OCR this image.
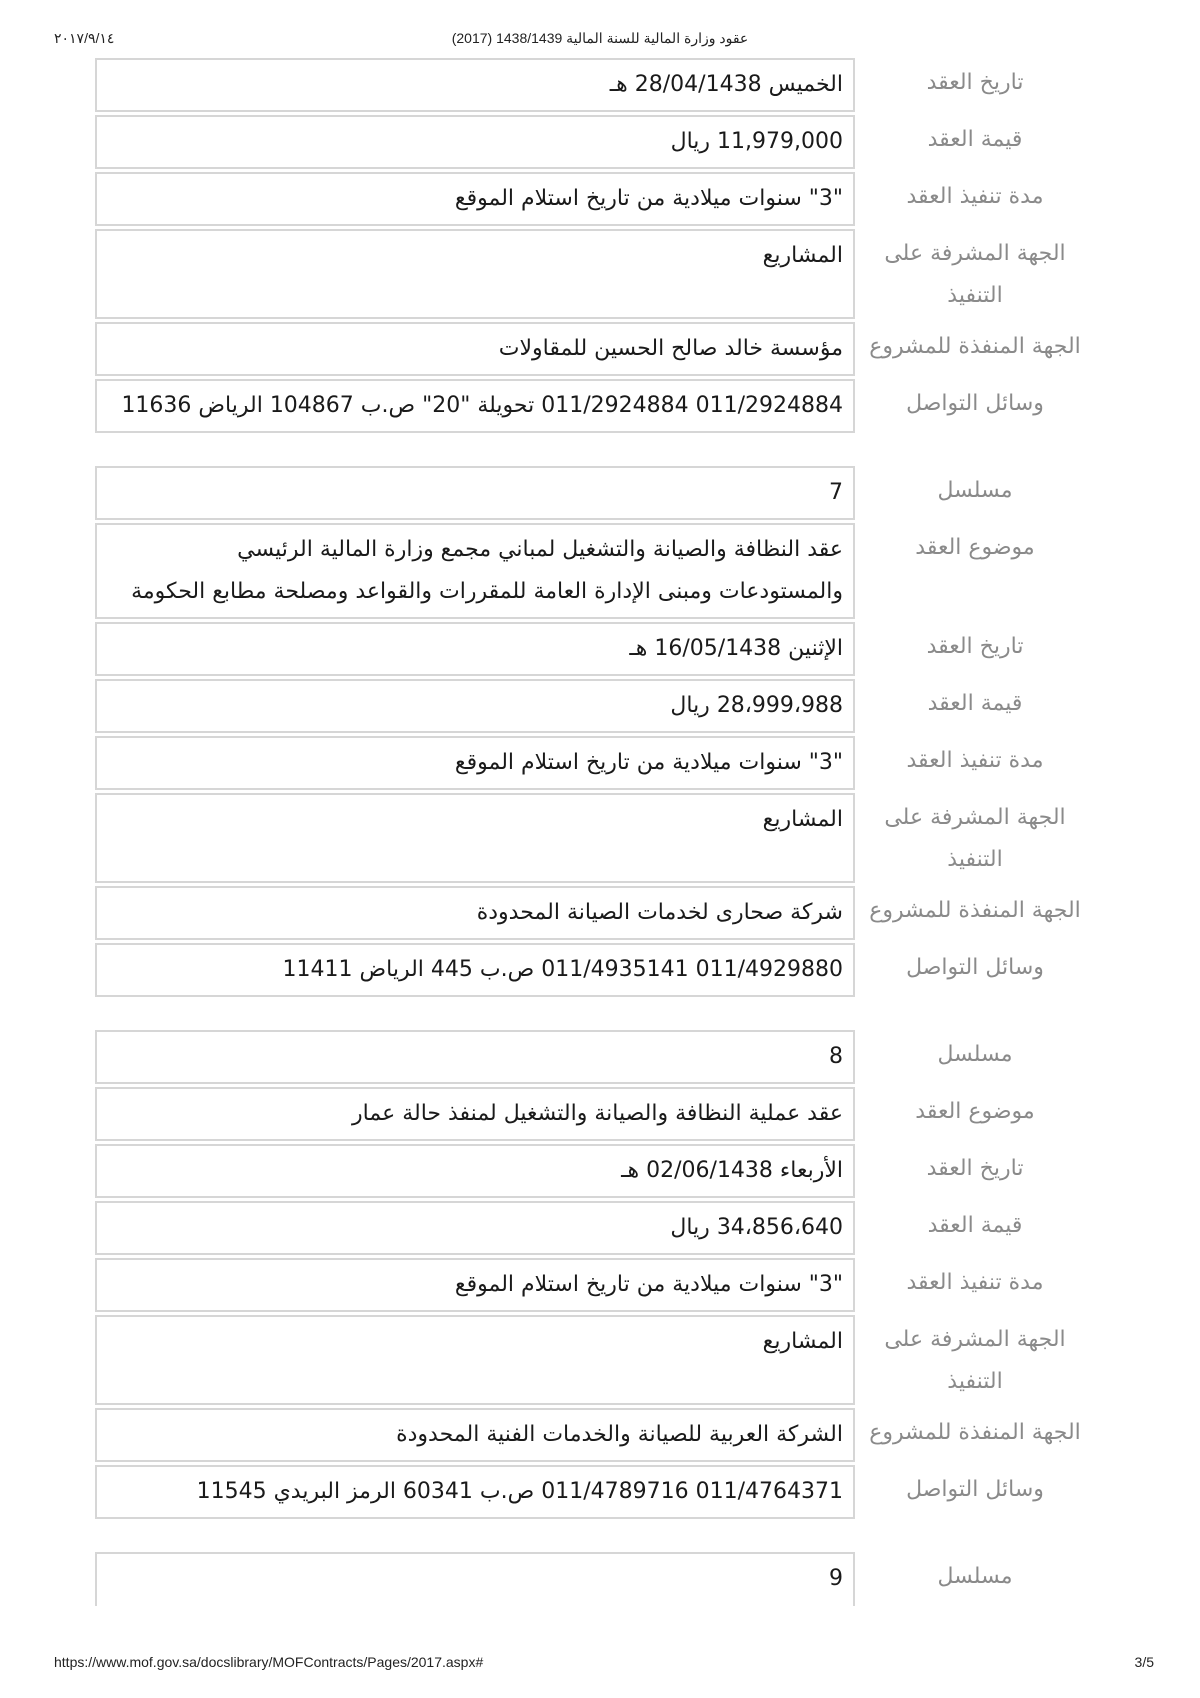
٢٠١٧/٩/١٤	(عقود وزارة المالية للسنة المالية 1438/1439 (2017
تاريخ العقد
الخميس 28/04/1438 هـ
قيمة العقد
11,979,000 ريال
مدة تنفيذ العقد
"3" سنوات ميلادية من تاريخ استلام الموقع
الجهة المشرفة على التنفيذ
المشاريع
الجهة المنفذة للمشروع
مؤسسة خالد صالح الحسين للمقاولات
وسائل التواصل
011/2924884 011/2924884 تحويلة "20" ص.ب 104867 الرياض 11636
مسلسل
7
موضوع العقد
عقد النظافة والصيانة والتشغيل لمباني مجمع وزارة المالية الرئيسي والمستودعات ومبنى الإدارة العامة للمقررات والقواعد ومصلحة مطابع الحكومة
تاريخ العقد
الإثنين 16/05/1438 هـ
قيمة العقد
28،999،988 ريال
مدة تنفيذ العقد
"3" سنوات ميلادية من تاريخ استلام الموقع
الجهة المشرفة على التنفيذ
المشاريع
الجهة المنفذة للمشروع
شركة صحارى لخدمات الصيانة المحدودة
وسائل التواصل
011/4929880 011/4935141 ص.ب 445 الرياض 11411
مسلسل
8
موضوع العقد
عقد عملية النظافة والصيانة والتشغيل لمنفذ حالة عمار
تاريخ العقد
الأربعاء 02/06/1438 هـ
قيمة العقد
34،856،640 ريال
مدة تنفيذ العقد
"3" سنوات ميلادية من تاريخ استلام الموقع
الجهة المشرفة على التنفيذ
المشاريع
الجهة المنفذة للمشروع
الشركة العربية للصيانة والخدمات الفنية المحدودة
وسائل التواصل
011/4764371 011/4789716 ص.ب 60341 الرمز البريدي 11545
مسلسل
9
https://www.mof.gov.sa/docslibrary/MOFContracts/Pages/2017.aspx#	3/5
